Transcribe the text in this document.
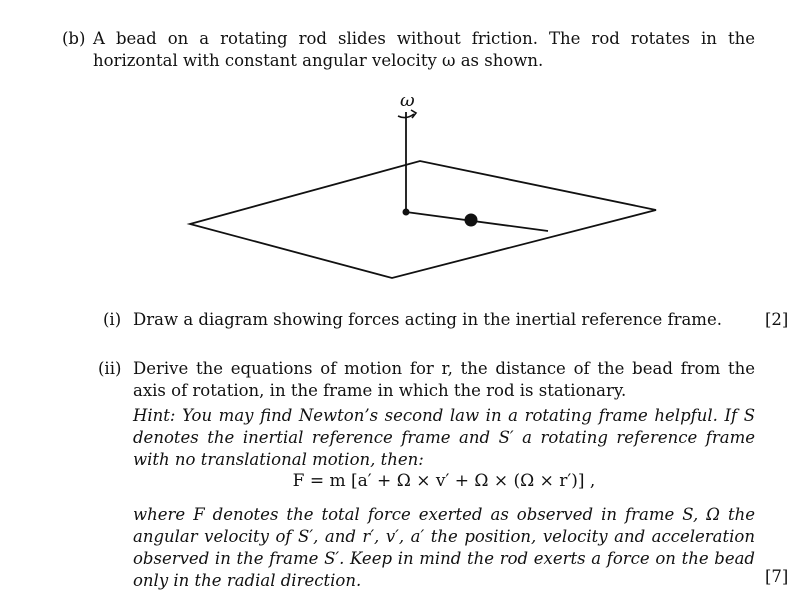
(b) A bead on a rotating rod slides without friction. The rod rotates in the horizontal with constant angular velocity ω as shown.
ω
(i) Draw a diagram showing forces acting in the inertial reference frame.	[2]
(ii) Derive the equations of motion for r, the distance of the bead from the axis of rotation, in the frame in which the rod is stationary.
Hint: You may find Newton’s second law in a rotating frame helpful. If S denotes the inertial reference frame and S′ a rotating reference frame with no translational motion, then:
F = m [a′ + Ω × v′ + Ω × (Ω × r′)] ,
where F denotes the total force exerted as observed in frame S, Ω the angular velocity of S′, and r′, v′, a′ the position, velocity and acceleration observed in the frame S′. Keep in mind the rod exerts a force on the bead only in the radial direction.	[7]
